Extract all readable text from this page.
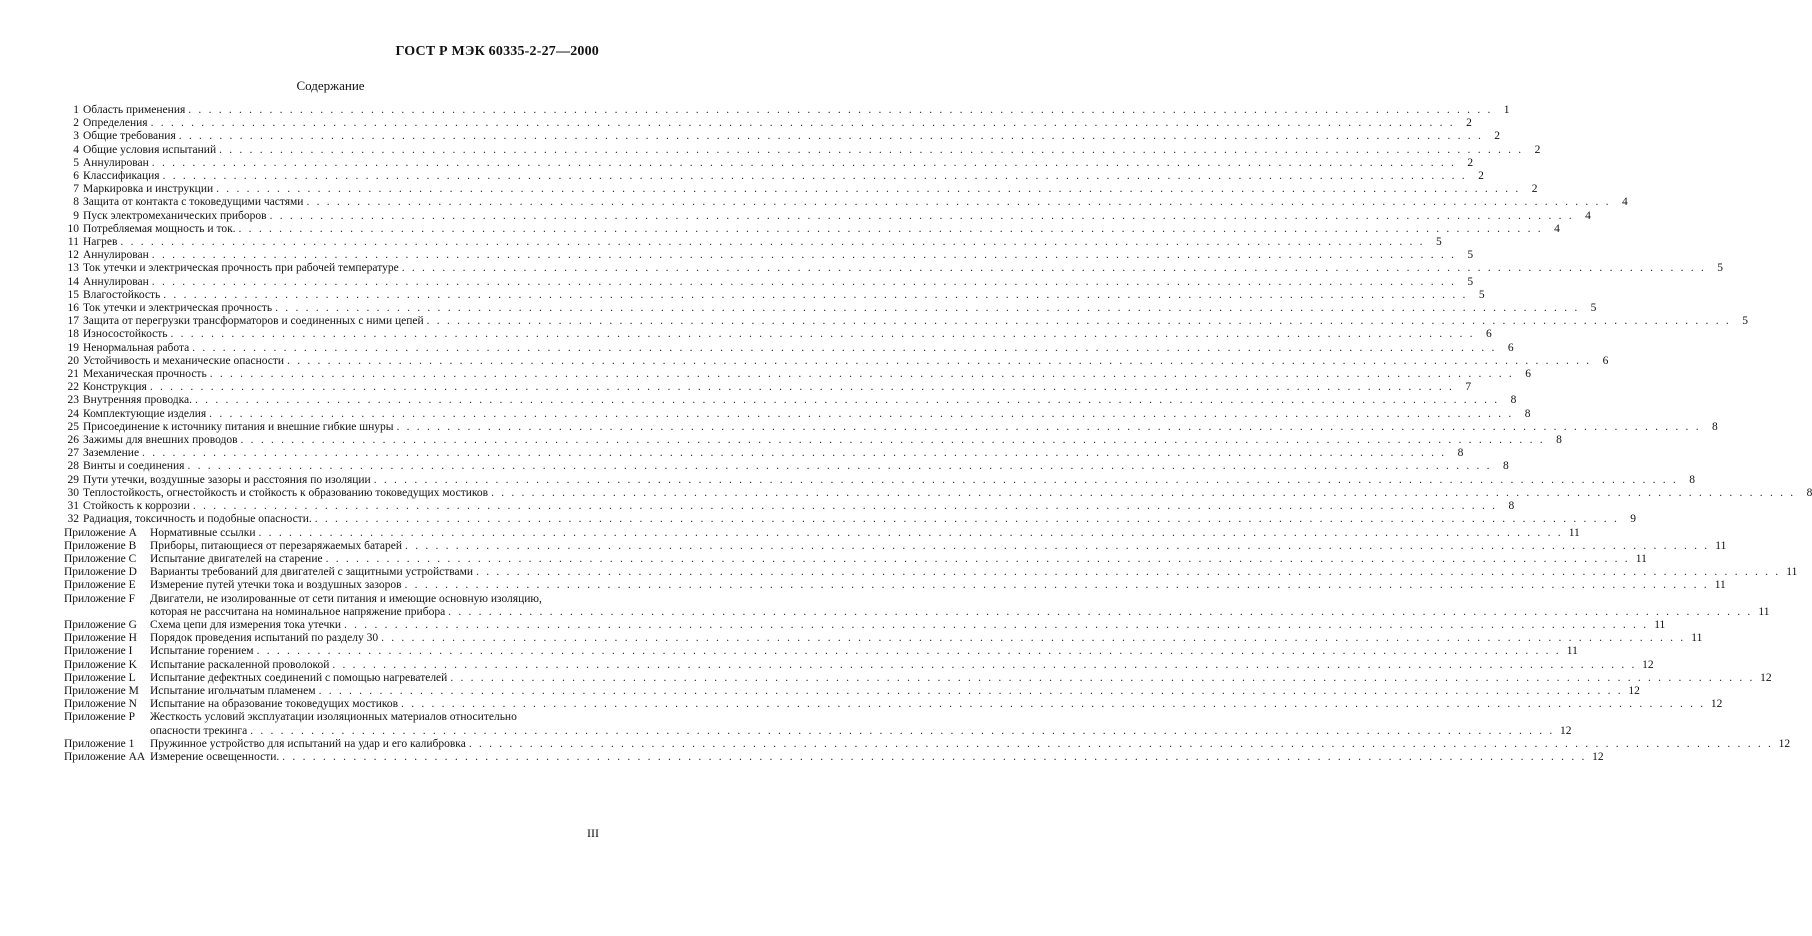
ГОСТ Р МЭК 60335-2-27—2000
Содержание
1 Область применения . . .	1
2 Определения . . .	2
3 Общие требования . . .	2
4 Общие условия испытаний . . .	2
5 Аннулирован . . .	2
6 Классификация . . .	2
7 Маркировка и инструкции . . .	2
8 Защита от контакта с токоведущими частями . . .	4
9 Пуск электромеханических приборов . . .	4
10 Потребляемая мощность и ток. . . .	4
11 Нагрев . . .	5
12 Аннулирован . . .	5
13 Ток утечки и электрическая прочность при рабочей температуре . . .	5
14 Аннулирован . . .	5
15 Влагостойкость . . .	5
16 Ток утечки и электрическая прочность . . .	5
17 Защита от перегрузки трансформаторов и соединенных с ними цепей . . .	5
18 Износостойкость . . .	6
19 Ненормальная работа . . .	6
20 Устойчивость и механические опасности . . .	6
21 Механическая прочность . . .	6
22 Конструкция . . .	7
23 Внутренняя проводка. . . .	8
24 Комплектующие изделия . . .	8
25 Присоединение к источнику питания и внешние гибкие шнуры . . .	8
26 Зажимы для внешних проводов . . .	8
27 Заземление . . .	8
28 Винты и соединения . . .	8
29 Пути утечки, воздушные зазоры и расстояния по изоляции . . .	8
30 Теплостойкость, огнестойкость и стойкость к образованию токоведущих мостиков . . .	8
31 Стойкость к коррозии . . .	8
32 Радиация, токсичность и подобные опасности. . . .	9
Приложение A	Нормативные ссылки . . .	11
Приложение B	Приборы, питающиеся от перезаряжаемых батарей . . .	11
Приложение C	Испытание двигателей на старение . . .	11
Приложение D	Варианты требований для двигателей с защитными устройствами . . .	11
Приложение E	Измерение путей утечки тока и воздушных зазоров . . .	11
Приложение F	Двигатели, не изолированные от сети питания и имеющие основную изоляцию,
которая не рассчитана на номинальное напряжение прибора . . .	11
Приложение G	Схема цепи для измерения тока утечки . . .	11
Приложение H	Порядок проведения испытаний по разделу 30 . . .	11
Приложение I	Испытание горением . . .	11
Приложение K	Испытание раскаленной проволокой . . .	12
Приложение L	Испытание дефектных соединений с помощью нагревателей . . .	12
Приложение M Испытание игольчатым пламенем . . .	12
Приложение N	Испытание на образование токоведущих мостиков . . .	12
Приложение P	Жесткость условий эксплуатации изоляционных материалов относительно
опасности трекинга . . .	12
Приложение 1	Пружинное устройство для испытаний на удар и его калибровка . . .	12
Приложение AA Измерение освещенности. . . .	12
III
